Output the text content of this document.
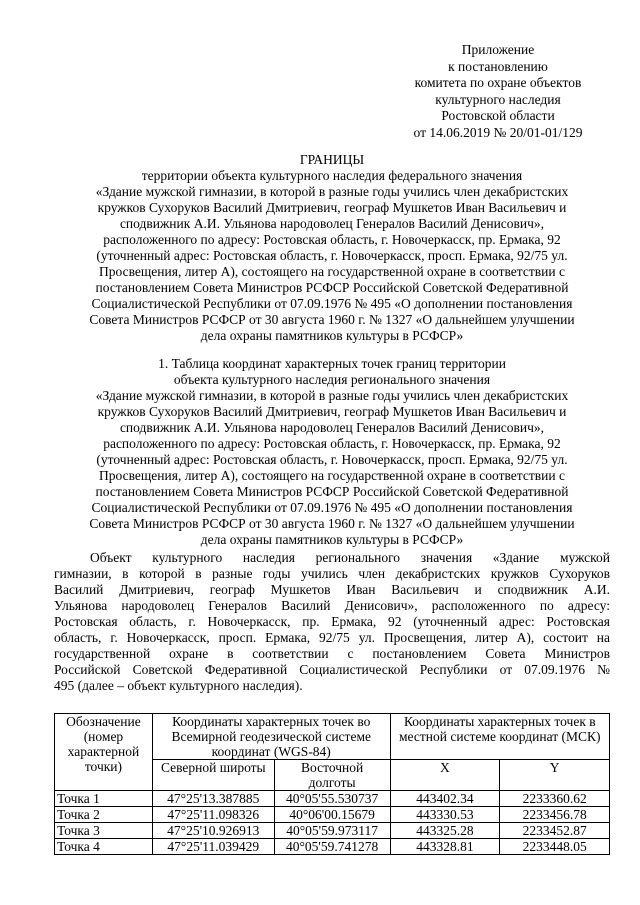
Приложение
к постановлению
комитета по охране объектов
культурного наследия
Ростовской области
от 14.06.2019 № 20/01-01/129
ГРАНИЦЫ
территории объекта культурного наследия федерального значения
«Здание мужской гимназии, в которой в разные годы учились член декабристских
кружков Сухоруков Василий Дмитриевич, географ Мушкетов Иван Васильевич и
сподвижник А.И. Ульянова народоволец Генералов Василий Денисович»,
расположенного по адресу: Ростовская область, г. Новочеркасск, пр. Ермака, 92
(уточненный адрес: Ростовская область, г. Новочеркасск, просп. Ермака, 92/75 ул.
Просвещения, литер А), состоящего на государственной охране в соответствии с
постановлением Совета Министров РСФСР Российской Советской Федеративной
Социалистической Республики от 07.09.1976 № 495 «О дополнении постановления
Совета Министров РСФСР от 30 августа 1960 г. № 1327 «О дальнейшем улучшении
дела охраны памятников культуры в РСФСР»
1. Таблица координат характерных точек границ территории
объекта культурного наследия регионального значения
«Здание мужской гимназии, в которой в разные годы учились член декабристских
кружков Сухоруков Василий Дмитриевич, географ Мушкетов Иван Васильевич и
сподвижник А.И. Ульянова народоволец Генералов Василий Денисович»,
расположенного по адресу: Ростовская область, г. Новочеркасск, пр. Ермака, 92
(уточненный адрес: Ростовская область, г. Новочеркасск, просп. Ермака, 92/75 ул.
Просвещения, литер А), состоящего на государственной охране в соответствии с
постановлением Совета Министров РСФСР Российской Советской Федеративной
Социалистической Республики от 07.09.1976 № 495 «О дополнении постановления
Совета Министров РСФСР от 30 августа 1960 г. № 1327 «О дальнейшем улучшении
дела охраны памятников культуры в РСФСР»
Объект культурного наследия регионального значения «Здание мужской
гимназии, в которой в разные годы учились член декабристских кружков Сухоруков
Василий Дмитриевич, географ Мушкетов Иван Васильевич и сподвижник А.И.
Ульянова народоволец Генералов Василий Денисович», расположенного по адресу:
Ростовская область, г. Новочеркасск, пр. Ермака, 92 (уточненный адрес: Ростовская
область, г. Новочеркасск, просп. Ермака, 92/75 ул. Просвещения, литер А), состоит на
государственной охране в соответствии с постановлением Совета Министров
Российской Советской Федеративной Социалистической Республики от 07.09.1976 №
495 (далее – объект культурного наследия).
Обозначение (номер характерной точки)	Координаты характерных точек во Всемирной геодезической системе координат (WGS-84)		Координаты характерных точек в местной системе координат (МСК)	
	Северной широты	Восточной долготы	X	Y
Точка 1	47°25'13.387885	40°05'55.530737	443402.34	2233360.62
Точка 2	47°25'11.098326	40°06'00.15679	443330.53	2233456.78
Точка 3	47°25'10.926913	40°05'59.973117	443325.28	2233452.87
Точка 4	47°25'11.039429	40°05'59.741278	443328.81	2233448.05
